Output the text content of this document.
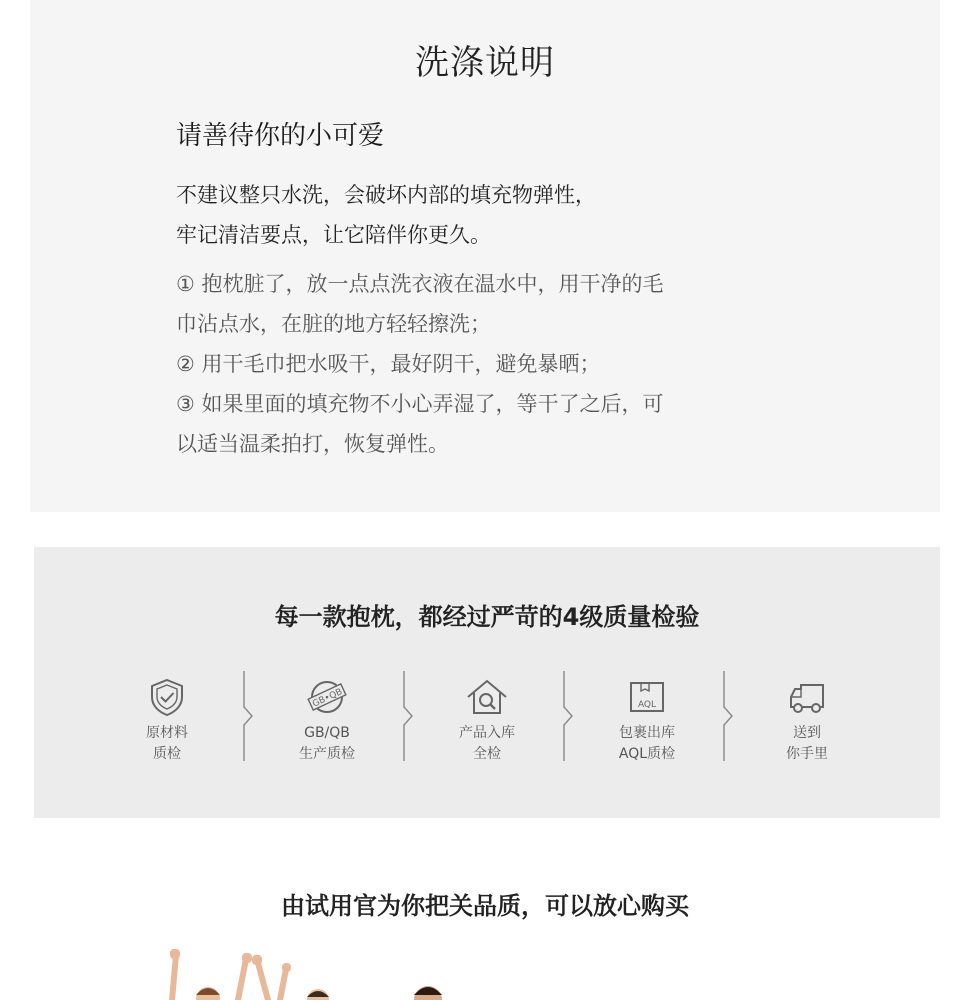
洗涤说明
请善待你的小可爱
不建议整只水洗，会破坏内部的填充物弹性，
牢记清洁要点，让它陪伴你更久。
① 抱枕脏了，放一点点洗衣液在温水中，用干净的毛
巾沾点水，在脏的地方轻轻擦洗；
② 用干毛巾把水吸干，最好阴干，避免暴晒；
③ 如果里面的填充物不小心弄湿了，等干了之后，可
以适当温柔拍打，恢复弹性。
每一款抱枕，都经过严苛的4级质量检验
原材料
质检
GB•QB
GB/QB
生产质检
产品入库
全检
AQL
包裹出库
AQL质检
送到
你手里
由试用官为你把关品质，可以放心购买
